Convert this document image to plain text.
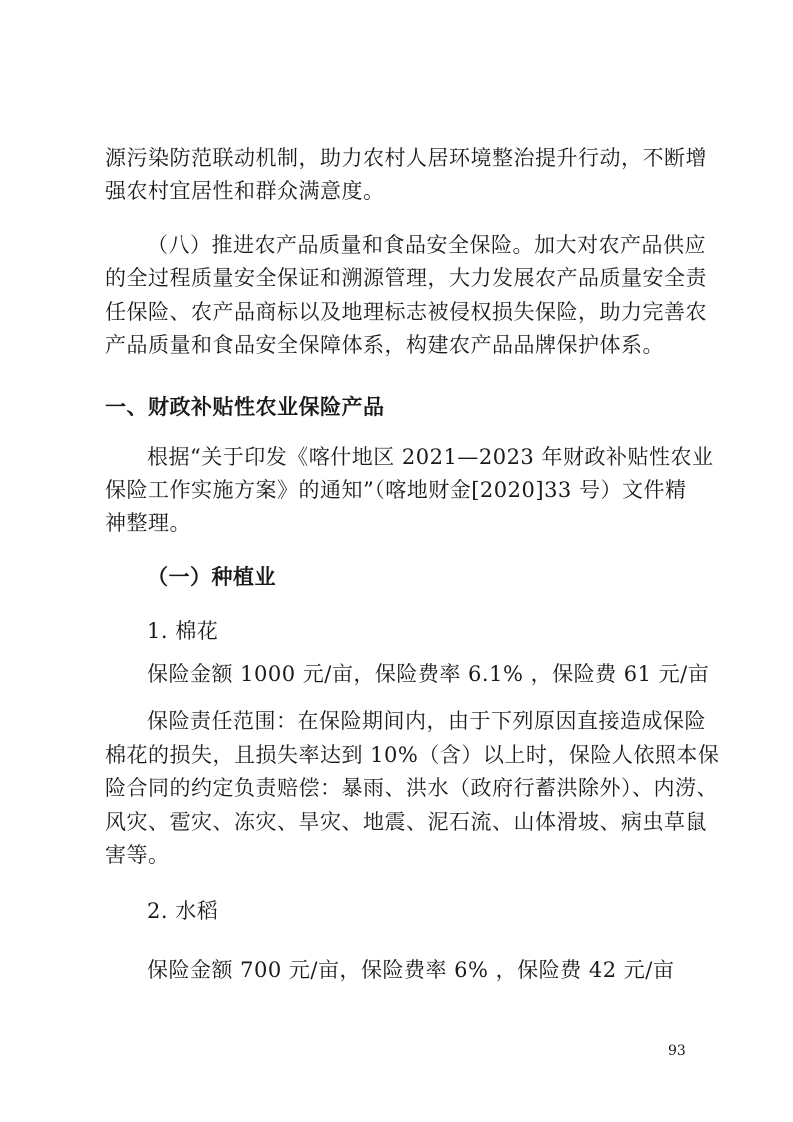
源污染防范联动机制，助力农村人居环境整治提升行动，不断增
强农村宜居性和群众满意度。
（八）推进农产品质量和食品安全保险。加大对农产品供应
的全过程质量安全保证和溯源管理，大力发展农产品质量安全责
任保险、农产品商标以及地理标志被侵权损失保险，助力完善农
产品质量和食品安全保障体系，构建农产品品牌保护体系。
一、财政补贴性农业保险产品
根据“关于印发《喀什地区 2021—2023 年财政补贴性农业
保险工作实施方案》的通知”（喀地财金[2020]33 号）文件精
神整理。
（一）种植业
1. 棉花
保险金额 1000 元/亩，保险费率 6.1% ，保险费 61 元/亩
保险责任范围：在保险期间内，由于下列原因直接造成保险
棉花的损失，且损失率达到 10%（含）以上时，保险人依照本保
险合同的约定负责赔偿：暴雨、洪水（政府行蓄洪除外）、内涝、
风灾、雹灾、冻灾、旱灾、地震、泥石流、山体滑坡、病虫草鼠
害等。
2. 水稻
保险金额 700 元/亩，保险费率 6% ，保险费 42 元/亩
93
